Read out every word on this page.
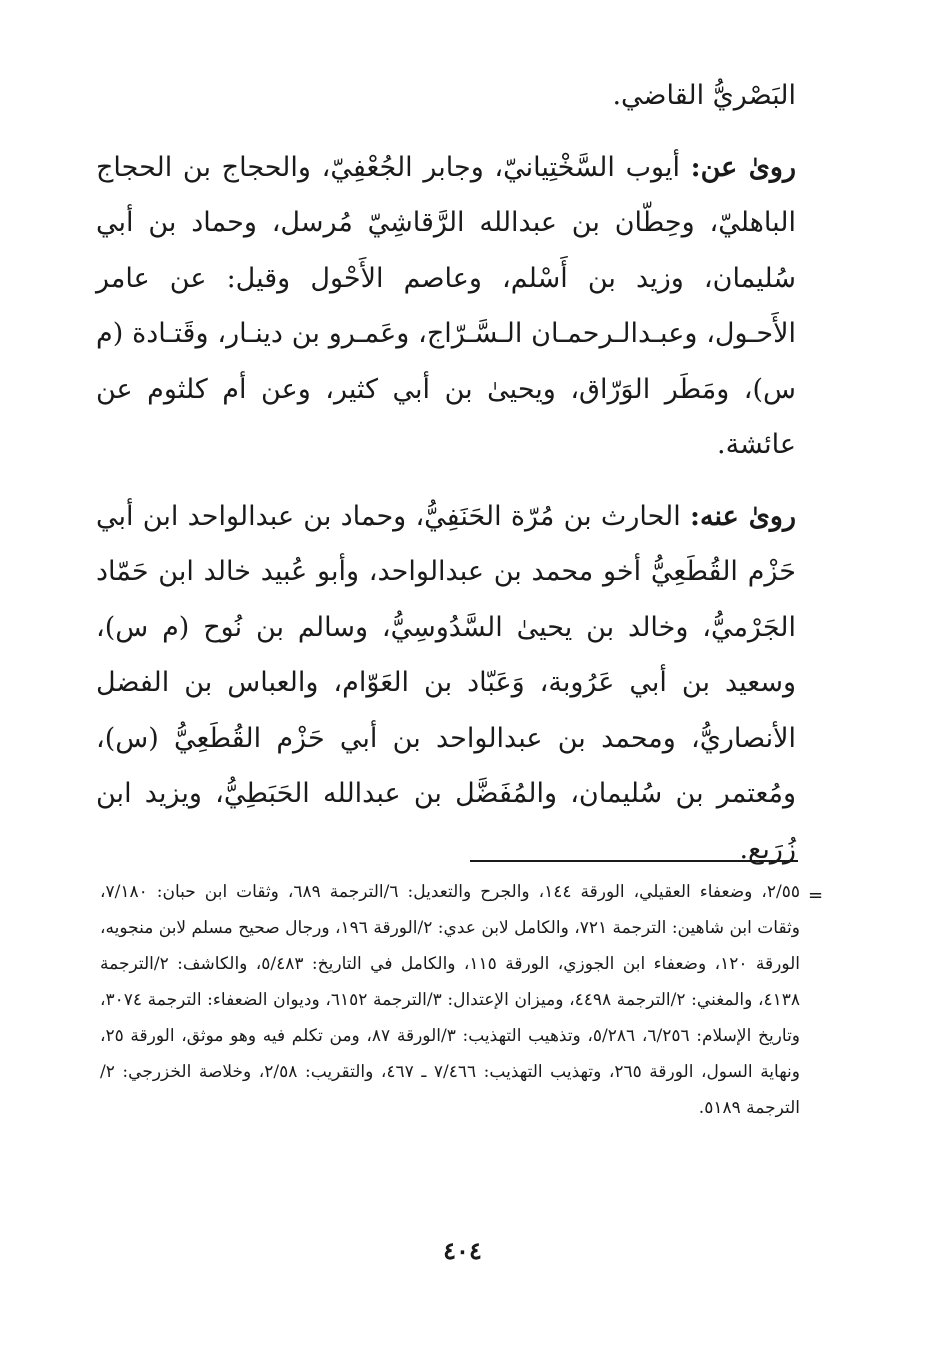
البَصْريُّ القاضي.

روىٰ عن: أيوب السَّخْتِيانيّ، وجابر الجُعْفِيّ، والحجاج بن الحجاج الباهليّ، وحِطّان بن عبدالله الرَّقاشِيّ مُرسل، وحماد بن أبي سُليمان، وزيد بن أَسْلم، وعاصم الأَحْول وقيل: عن عامر الأَحـول، وعبـدالـرحمـان الـسَّـرّاج، وعَمـرو بن دينـار، وقَتـادة (م س)، ومَطَر الوَرّاق، ويحيىٰ بن أبي كثير، وعن أم كلثوم عن عائشة.

روىٰ عنه: الحارث بن مُرّة الحَنَفِيُّ، وحماد بن عبدالواحد ابن أبي حَزْم القُطَعِيُّ أخو محمد بن عبدالواحد، وأبو عُبيد خالد ابن حَمّاد الجَرْميُّ، وخالد بن يحيىٰ السَّدُوسِيُّ، وسالم بن نُوح (م س)، وسعيد بن أبي عَرُوبة، وَعَبّاد بن العَوّام، والعباس بن الفضل الأنصاريُّ، ومحمد بن عبدالواحد بن أبي حَزْم القُطَعِيُّ (س)، ومُعتمر بن سُليمان، والمُفَضَّل بن عبدالله الحَبَطِيُّ، ويزيد ابن زُرَيع.

=
٢/٥٥، وضعفاء العقيلي، الورقة ١٤٤، والجرح والتعديل: ٦/الترجمة ٦٨٩، وثقات ابن حبان: ٧/١٨٠، وثقات ابن شاهين: الترجمة ٧٢١، والكامل لابن عدي: ٢/الورقة ١٩٦، ورجال صحيح مسلم لابن منجويه، الورقة ١٢٠، وضعفاء ابن الجوزي، الورقة ١١٥، والكامل في التاريخ: ٥/٤٨٣، والكاشف: ٢/الترجمة ٤١٣٨، والمغني: ٢/الترجمة ٤٤٩٨، وميزان الإعتدال: ٣/الترجمة ٦١٥٢، وديوان الضعفاء: الترجمة ٣٠٧٤، وتاريخ الإسلام: ٦/٢٥٦، ٥/٢٨٦، وتذهيب التهذيب: ٣/الورقة ٨٧، ومن تكلم فيه وهو موثق، الورقة ٢٥، ونهاية السول، الورقة ٢٦٥، وتهذيب التهذيب: ٧/٤٦٦ ـ ٤٦٧، والتقريب: ٢/٥٨، وخلاصة الخزرجي: ٢/الترجمة ٥١٨٩.
٤٠٤
